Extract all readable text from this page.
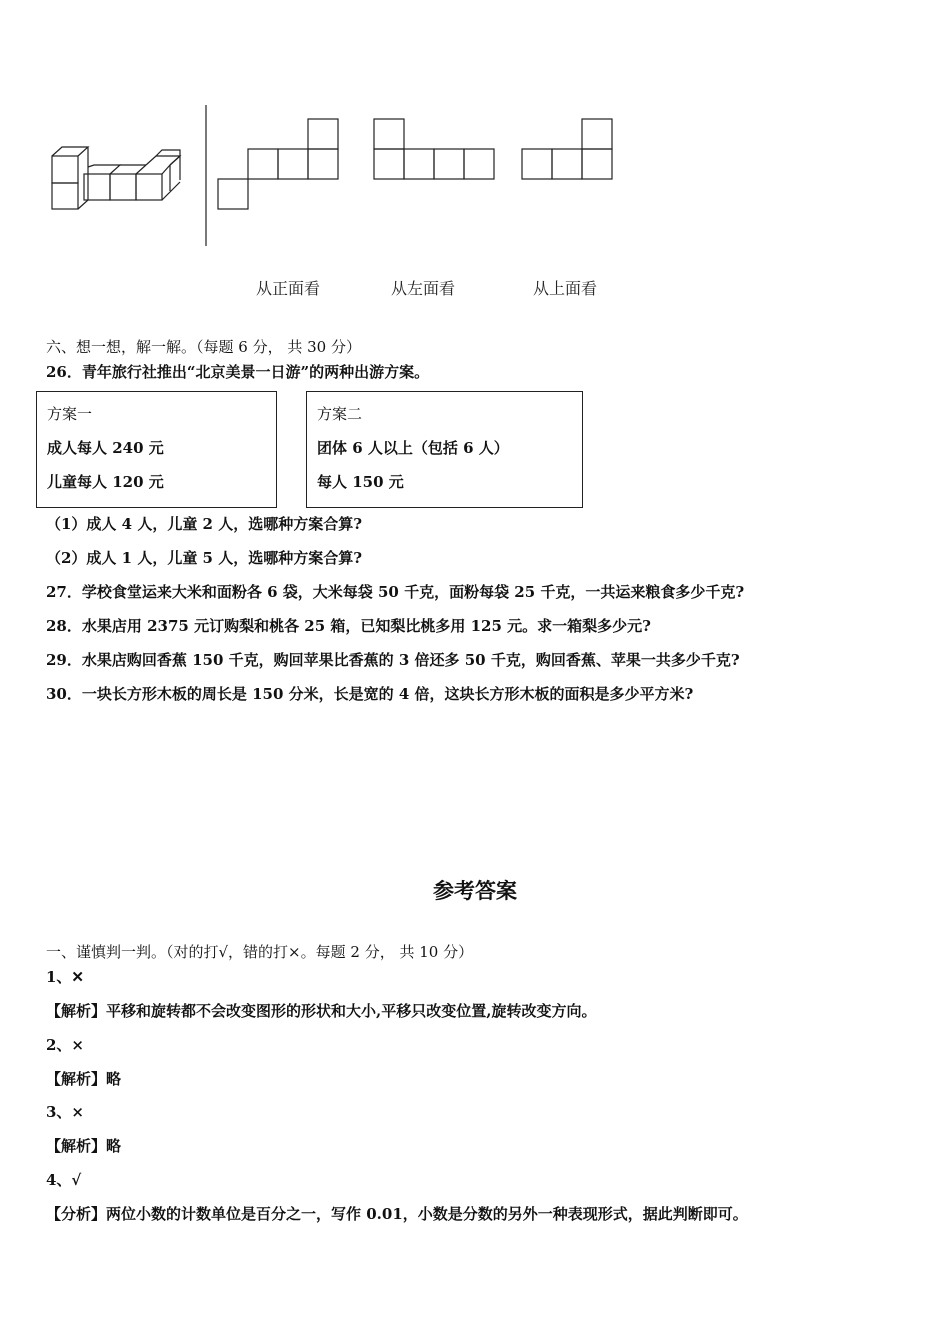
从正面看	从左面看	从上面看
六、想一想，解一解。（每题 6 分， 共 30 分）
26．青年旅行社推出“北京美景一日游”的两种出游方案。
方案一
成人每人 240 元
儿童每人 120 元
方案二
团体 6 人以上（包括 6 人）
每人 150 元
（1）成人 4 人，儿童 2 人，选哪种方案合算?
（2）成人 1 人，儿童 5 人，选哪种方案合算?
27．学校食堂运来大米和面粉各 6 袋，大米每袋 50 千克，面粉每袋 25 千克，一共运来粮食多少千克?
28．水果店用 2375 元订购梨和桃各 25 箱，已知梨比桃多用 125 元。求一箱梨多少元?
29．水果店购回香蕉 150 千克，购回苹果比香蕉的 3 倍还多 50 千克，购回香蕉、苹果一共多少千克?
30．一块长方形木板的周长是 150 分米，长是宽的 4 倍，这块长方形木板的面积是多少平方米?
参考答案
一、谨慎判一判。（对的打√，错的打×。每题 2 分， 共 10 分）
1、✕
【解析】平移和旋转都不会改变图形的形状和大小,平移只改变位置,旋转改变方向。
2、×
【解析】略
3、×
【解析】略
4、√
【分析】两位小数的计数单位是百分之一，写作 0.01，小数是分数的另外一种表现形式，据此判断即可。
